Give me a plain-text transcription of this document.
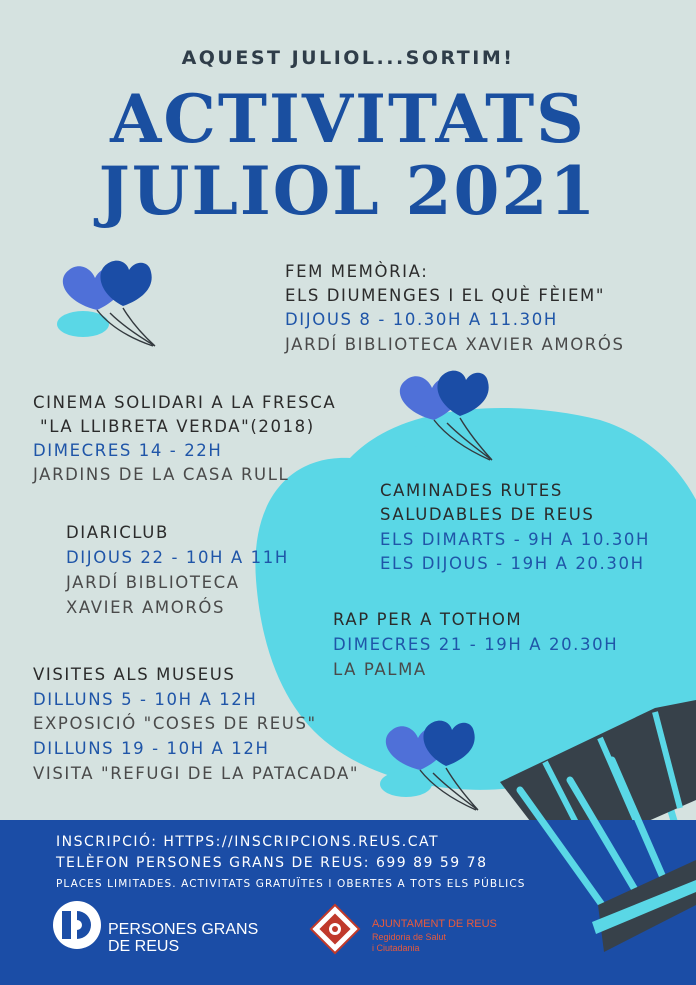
AQUEST JULIOL...SORTIM!
ACTIVITATS
JULIOL 2021
FEM MEMÒRIA:
ELS DIUMENGES I EL QUÈ FÈIEM"
DIJOUS 8 - 10.30H A 11.30H
JARDÍ BIBLIOTECA XAVIER AMORÓS
CINEMA SOLIDARI A LA FRESCA
"LA LLIBRETA VERDA"(2018)
DIMECRES 14 - 22H
JARDINS DE LA CASA RULL
CAMINADES RUTES
SALUDABLES DE REUS
ELS DIMARTS - 9H A 10.30H
ELS DIJOUS - 19H A 20.30H
DIARICLUB
DIJOUS 22 - 10H A 11H
JARDÍ BIBLIOTECA
XAVIER AMORÓS
RAP PER A TOTHOM
DIMECRES 21 - 19H A 20.30H
LA PALMA
VISITES ALS MUSEUS
DILLUNS 5 - 10H A 12H
EXPOSICIÓ "COSES DE REUS"
DILLUNS 19 - 10H A 12H
VISITA "REFUGI DE LA PATACADA"
INSCRIPCIÓ: HTTPS://INSCRIPCIONS.REUS.CAT
TELÈFON PERSONES GRANS DE REUS: 699 89 59 78
PLACES LIMITADES. ACTIVITATS GRATUÏTES I OBERTES A TOTS ELS PÚBLICS
PERSONES GRANS
DE REUS
AJUNTAMENT DE REUS
Regidoria de Salut
i Ciutadania
